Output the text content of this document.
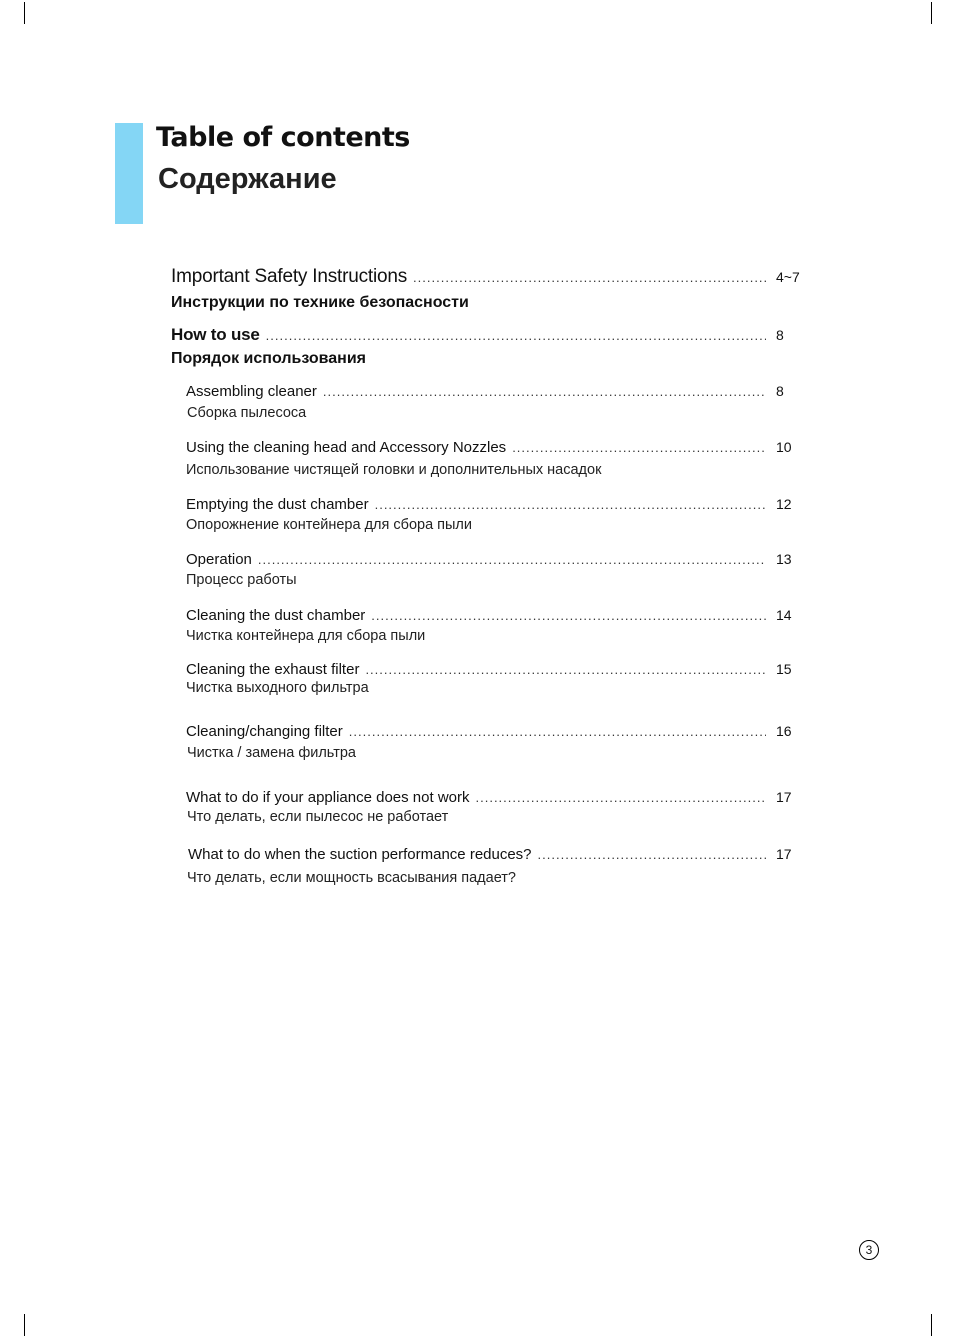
Table of contents
Содержание
Important Safety Instructions .....	4~7
Инструкции по технике безопасности
How to use .....	8
Порядок использования
Assembling cleaner .....	8
Сборка пылесоса
Using the cleaning head and Accessory Nozzles .....	10
Использование чистящей головки и дополнительных насадок
Emptying the dust chamber .....	12
Опорожнение контейнера для сбора пыли
Operation .....	13
Процесс работы
Cleaning the dust chamber .....	14
Чистка контейнера для сбора пыли
Cleaning the exhaust filter .....	15
Чистка выходного фильтра
Cleaning/changing filter .....	16
Чистка / замена фильтра
What to do if your appliance does not work .....	17
Что делать, если пылесос не работает
What to do when the suction performance reduces? .....	17
Что делать, если мощность всасывания падает?
3
